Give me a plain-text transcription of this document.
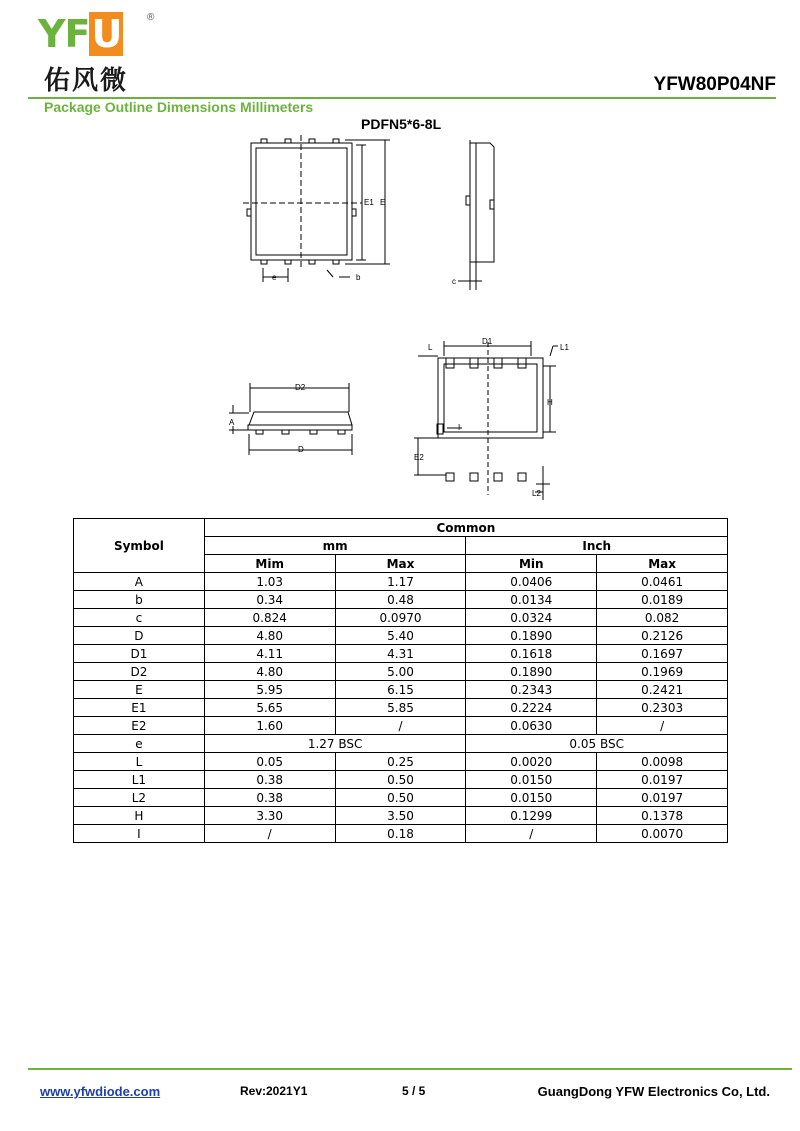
YFU	®
佑风微	YFW80P04NF
Package Outline Dimensions Millimeters
PDFN5*6-8L
E1 E
e	b	c
D1
L	L1
H
I
E2
L2
D2
A
D
Symbol	Common			
	mm		Inch	
	Mim	Max	Min	Max
A	1.03	1.17	0.0406	0.0461
b	0.34	0.48	0.0134	0.0189
c	0.824	0.0970	0.0324	0.082
D	4.80	5.40	0.1890	0.2126
D1	4.11	4.31	0.1618	0.1697
D2	4.80	5.00	0.1890	0.1969
E	5.95	6.15	0.2343	0.2421
E1	5.65	5.85	0.2224	0.2303
E2	1.60	/	0.0630	/
e	1.27 BSC		0.05 BSC	
L	0.05	0.25	0.0020	0.0098
L1	0.38	0.50	0.0150	0.0197
L2	0.38	0.50	0.0150	0.0197
H	3.30	3.50	0.1299	0.1378
I	/	0.18	/	0.0070
www.yfwdiode.com	Rev:2021Y1	5 / 5	GuangDong YFW Electronics Co, Ltd.
